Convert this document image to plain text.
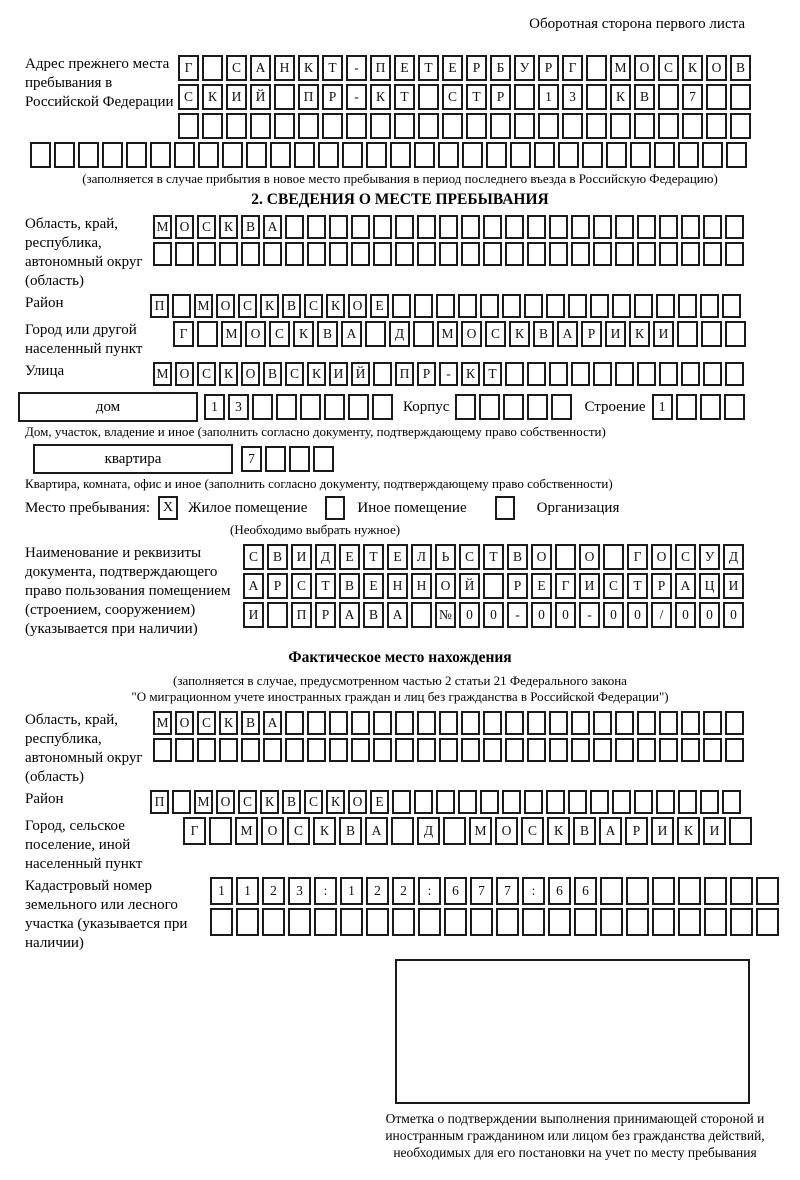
Оборотная сторона первого листа
Адрес прежнего места пребывания в Российской Федерации
Г	С	А	Н	К	Т	-	П	Е	Т	Е	Р	Б	У	Р	Г	М О	С	К	О	В
С	К	И	Й	П	Р	-	К	Т	С	Т	Р	1	3	К	В	7
(заполняется в случае прибытия в новое место пребывания в период последнего въезда в Российскую Федерацию)
2. СВЕДЕНИЯ О МЕСТЕ ПРЕБЫВАНИЯ
Область, край, республика, автономный округ (область)
М О С К В А
Район	П	М О С К В С К О Е
Город или другой населенный пункт
Г	М О	С	К	В	А	Д	М О	С	К	В	А	Р	И	К	И
Улица	М О С К О В С К И Й	П Р	-	К Т
дом	1	3	Корпус	Строение 1
Дом, участок, владение и иное (заполнить согласно документу, подтверждающему право собственности)
квартира	7
Квартира, комната, офис и иное (заполнить согласно документу, подтверждающему право собственности)
Место пребывания: X Жилое помещение	Иное помещение	Организация
(Необходимо выбрать нужное)
Наименование и реквизиты документа, подтверждающего право пользования помещением (строением, сооружением) (указывается при наличии)
С	В	И	Д	Е	Т	Е	Л	Ь	С	Т	В	О	О	Г	О	С	У	Д
А	Р	С	Т	В	Е	Н	Н	О	Й	Р	Е	Г	И	С	Т	Р	А	Ц	И
И	П	Р	А	В	А	№	0	0	-	0	0	-	0	0	/	0	0	0
Фактическое место нахождения
(заполняется в случае, предусмотренном частью 2 статьи 21 Федерального закона
"О миграционном учете иностранных граждан и лиц без гражданства в Российской Федерации")
Область, край, республика, автономный округ (область)
М О С К В А
Район	П	М О С К В С К О Е
Город, сельское поселение, иной населенный пункт
Г	М	О	С	К	В	А	Д	М	О	С	К	В	А	Р	И	К	И
Кадастровый номер земельного или лесного участка (указывается при наличии)
1	1	2	3	:	1	2	2	:	6	7	7	:	6	6
Отметка о подтверждении выполнения принимающей стороной и иностранным гражданином или лицом без гражданства действий, необходимых для его постановки на учет по месту пребывания
